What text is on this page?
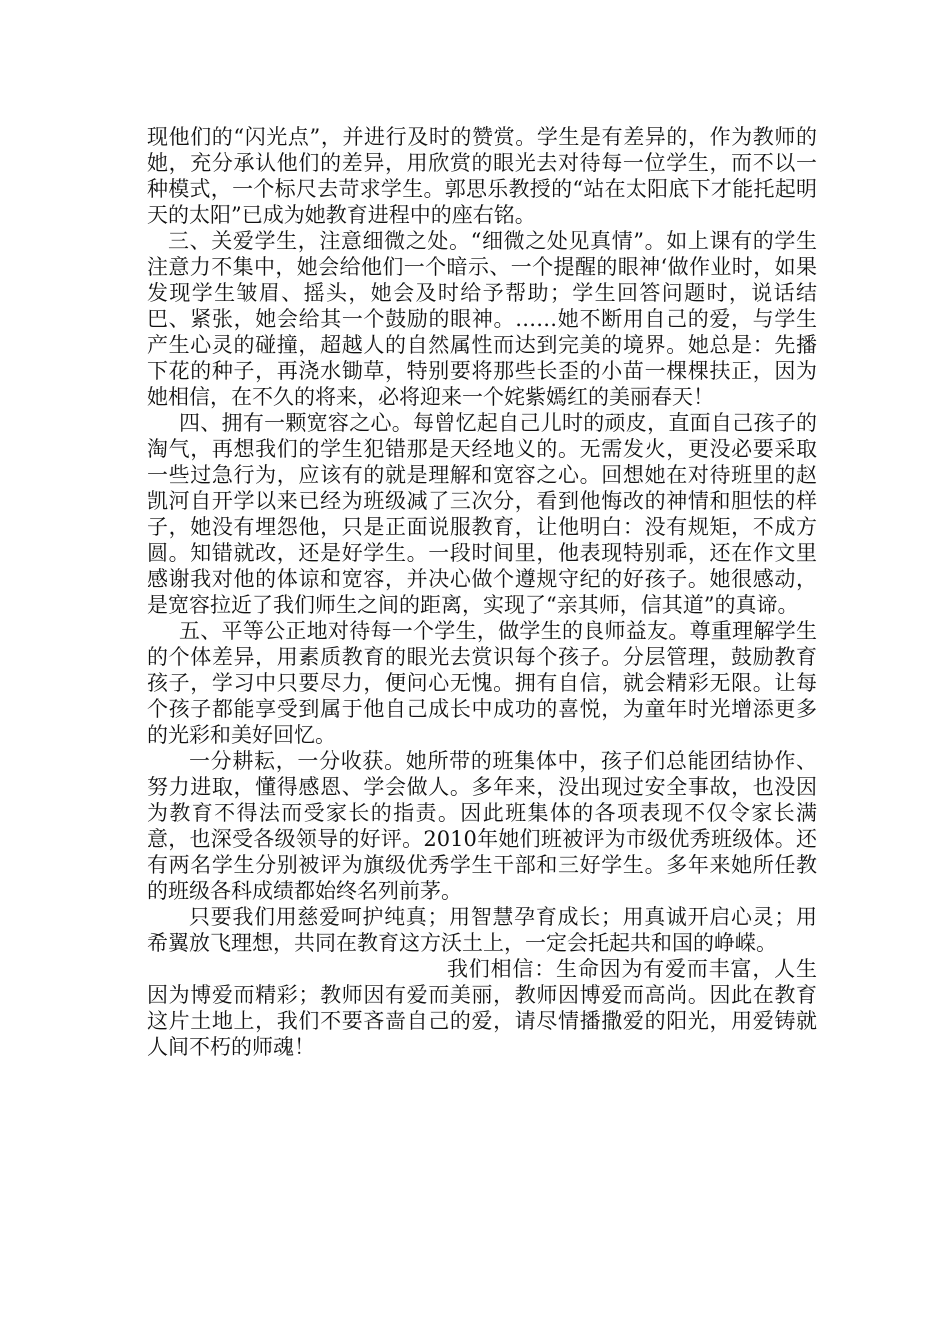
现他们的“闪光点”，并进行及时的赞赏。学生是有差异的，作为教师的她，充分承认他们的差异，用欣赏的眼光去对待每一位学生，而不以一种模式，一个标尺去苛求学生。郭思乐教授的“站在太阳底下才能托起明天的太阳”已成为她教育进程中的座右铭。

三、关爱学生，注意细微之处。“细微之处见真情”。如上课有的学生注意力不集中，她会给他们一个暗示、一个提醒的眼神‘做作业时，如果发现学生皱眉、摇头，她会及时给予帮助；学生回答问题时，说话结巴、紧张，她会给其一个鼓励的眼神。……她不断用自己的爱，与学生产生心灵的碰撞，超越人的自然属性而达到完美的境界。她总是：先播下花的种子，再浇水锄草，特别要将那些长歪的小苗一棵棵扶正，因为她相信，在不久的将来，必将迎来一个姹紫嫣红的美丽春天！

四、拥有一颗宽容之心。每曾忆起自己儿时的顽皮，直面自己孩子的淘气，再想我们的学生犯错那是天经地义的。无需发火，更没必要采取一些过急行为，应该有的就是理解和宽容之心。回想她在对待班里的赵凯河自开学以来已经为班级减了三次分，看到他悔改的神情和胆怯的样子，她没有埋怨他，只是正面说服教育，让他明白：没有规矩，不成方圆。知错就改，还是好学生。一段时间里，他表现特别乖，还在作文里感谢我对他的体谅和宽容，并决心做个遵规守纪的好孩子。她很感动，是宽容拉近了我们师生之间的距离，实现了“亲其师，信其道”的真谛。

五、平等公正地对待每一个学生，做学生的良师益友。尊重理解学生的个体差异，用素质教育的眼光去赏识每个孩子。分层管理，鼓励教育孩子，学习中只要尽力，便问心无愧。拥有自信，就会精彩无限。让每个孩子都能享受到属于他自己成长中成功的喜悦，为童年时光增添更多的光彩和美好回忆。

一分耕耘，一分收获。她所带的班集体中，孩子们总能团结协作、努力进取，懂得感恩、学会做人。多年来，没出现过安全事故，也没因为教育不得法而受家长的指责。因此班集体的各项表现不仅令家长满意，也深受各级领导的好评。2010年她们班被评为市级优秀班级体。还有两名学生分别被评为旗级优秀学生干部和三好学生。多年来她所任教的班级各科成绩都始终名列前茅。

只要我们用慈爱呵护纯真；用智慧孕育成长；用真诚开启心灵；用希翼放飞理想，共同在教育这方沃土上，一定会托起共和国的峥嵘。

我们相信：生命因为有爱而丰富，人生因为博爱而精彩；教师因有爱而美丽，教师因博爱而高尚。因此在教育这片土地上，我们不要吝啬自己的爱，请尽情播撒爱的阳光，用爱铸就人间不朽的师魂！
